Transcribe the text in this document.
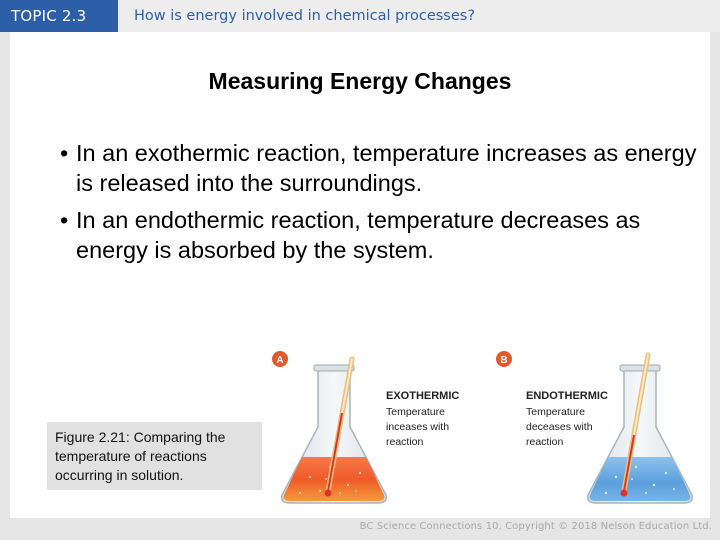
TOPIC 2.3	How is energy involved in chemical processes?
Measuring Energy Changes
• In an exothermic reaction, temperature increases as energy is released into the surroundings.
• In an endothermic reaction, temperature decreases as energy is absorbed by the system.
Figure 2.21: Comparing the temperature of reactions occurring in solution.
A
EXOTHERMIC
Temperature
inceases with
reaction
B
ENDOTHERMIC
Temperature
deceases with
reaction
BC Science Connections 10, Copyright © 2018 Nelson Education Ltd.
